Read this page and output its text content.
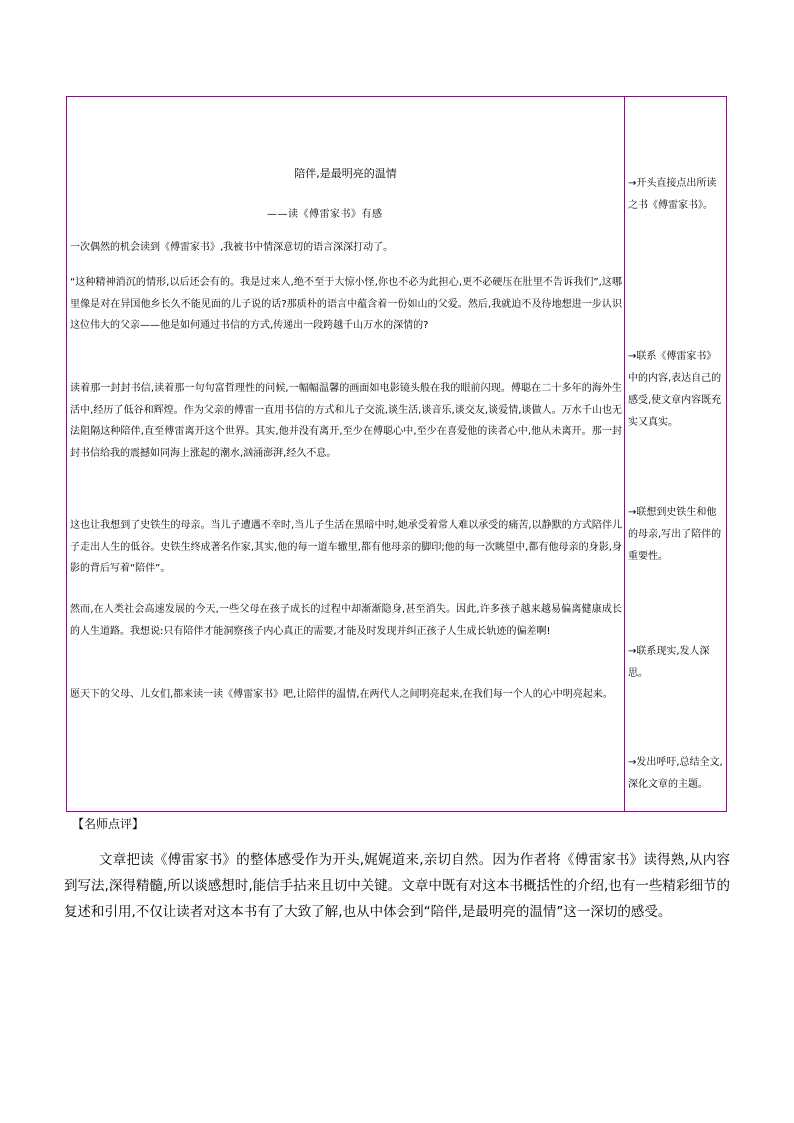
陪伴,是最明亮的温情
——读《傅雷家书》有感
一次偶然的机会读到《傅雷家书》,我被书中情深意切的语言深深打动了。
“这种精神消沉的情形,以后还会有的。我是过来人,绝不至于大惊小怪,你也不必为此担心,更不必硬压在肚里不告诉我们”,这哪里像是对在异国他乡长久不能见面的儿子说的话?那质朴的语言中蕴含着一份如山的父爱。然后,我就迫不及待地想进一步认识这位伟大的父亲——他是如何通过书信的方式,传递出一段跨越千山万水的深情的?
读着那一封封书信,读着那一句句富哲理性的问候,一幅幅温馨的画面如电影镜头般在我的眼前闪现。傅聪在二十多年的海外生活中,经历了低谷和辉煌。作为父亲的傅雷一直用书信的方式和儿子交流,谈生活,谈音乐,谈交友,谈爱情,谈做人。万水千山也无法阻隔这种陪伴,直至傅雷离开这个世界。其实,他并没有离开,至少在傅聪心中,至少在喜爱他的读者心中,他从未离开。那一封封书信给我的震撼如同海上涨起的潮水,汹涌澎湃,经久不息。
这也让我想到了史铁生的母亲。当儿子遭遇不幸时,当儿子生活在黑暗中时,她承受着常人难以承受的痛苦,以静默的方式陪伴儿子走出人生的低谷。史铁生终成著名作家,其实,他的每一道车辙里,都有他母亲的脚印;他的每一次眺望中,都有他母亲的身影,身影的背后写着“陪伴”。
然而,在人类社会高速发展的今天,一些父母在孩子成长的过程中却渐渐隐身,甚至消失。因此,许多孩子越来越易偏离健康成长的人生道路。我想说:只有陪伴才能洞察孩子内心真正的需要,才能及时发现并纠正孩子人生成长轨迹的偏差啊!
愿天下的父母、儿女们,都来读一读《傅雷家书》吧,让陪伴的温情,在两代人之间明亮起来,在我们每一个人的心中明亮起来。
→开头直接点出所读之书《傅雷家书》。
→联系《傅雷家书》中的内容,表达自己的感受,使文章内容既充实又真实。
→联想到史铁生和他的母亲,写出了陪伴的重要性。
→联系现实,发人深思。
→发出呼吁,总结全文,深化文章的主题。
【名师点评】
文章把读《傅雷家书》的整体感受作为开头,娓娓道来,亲切自然。因为作者将《傅雷家书》读得熟,从内容到写法,深得精髓,所以谈感想时,能信手拈来且切中关键。文章中既有对这本书概括性的介绍,也有一些精彩细节的复述和引用,不仅让读者对这本书有了大致了解,也从中体会到“陪伴,是最明亮的温情”这一深切的感受。
